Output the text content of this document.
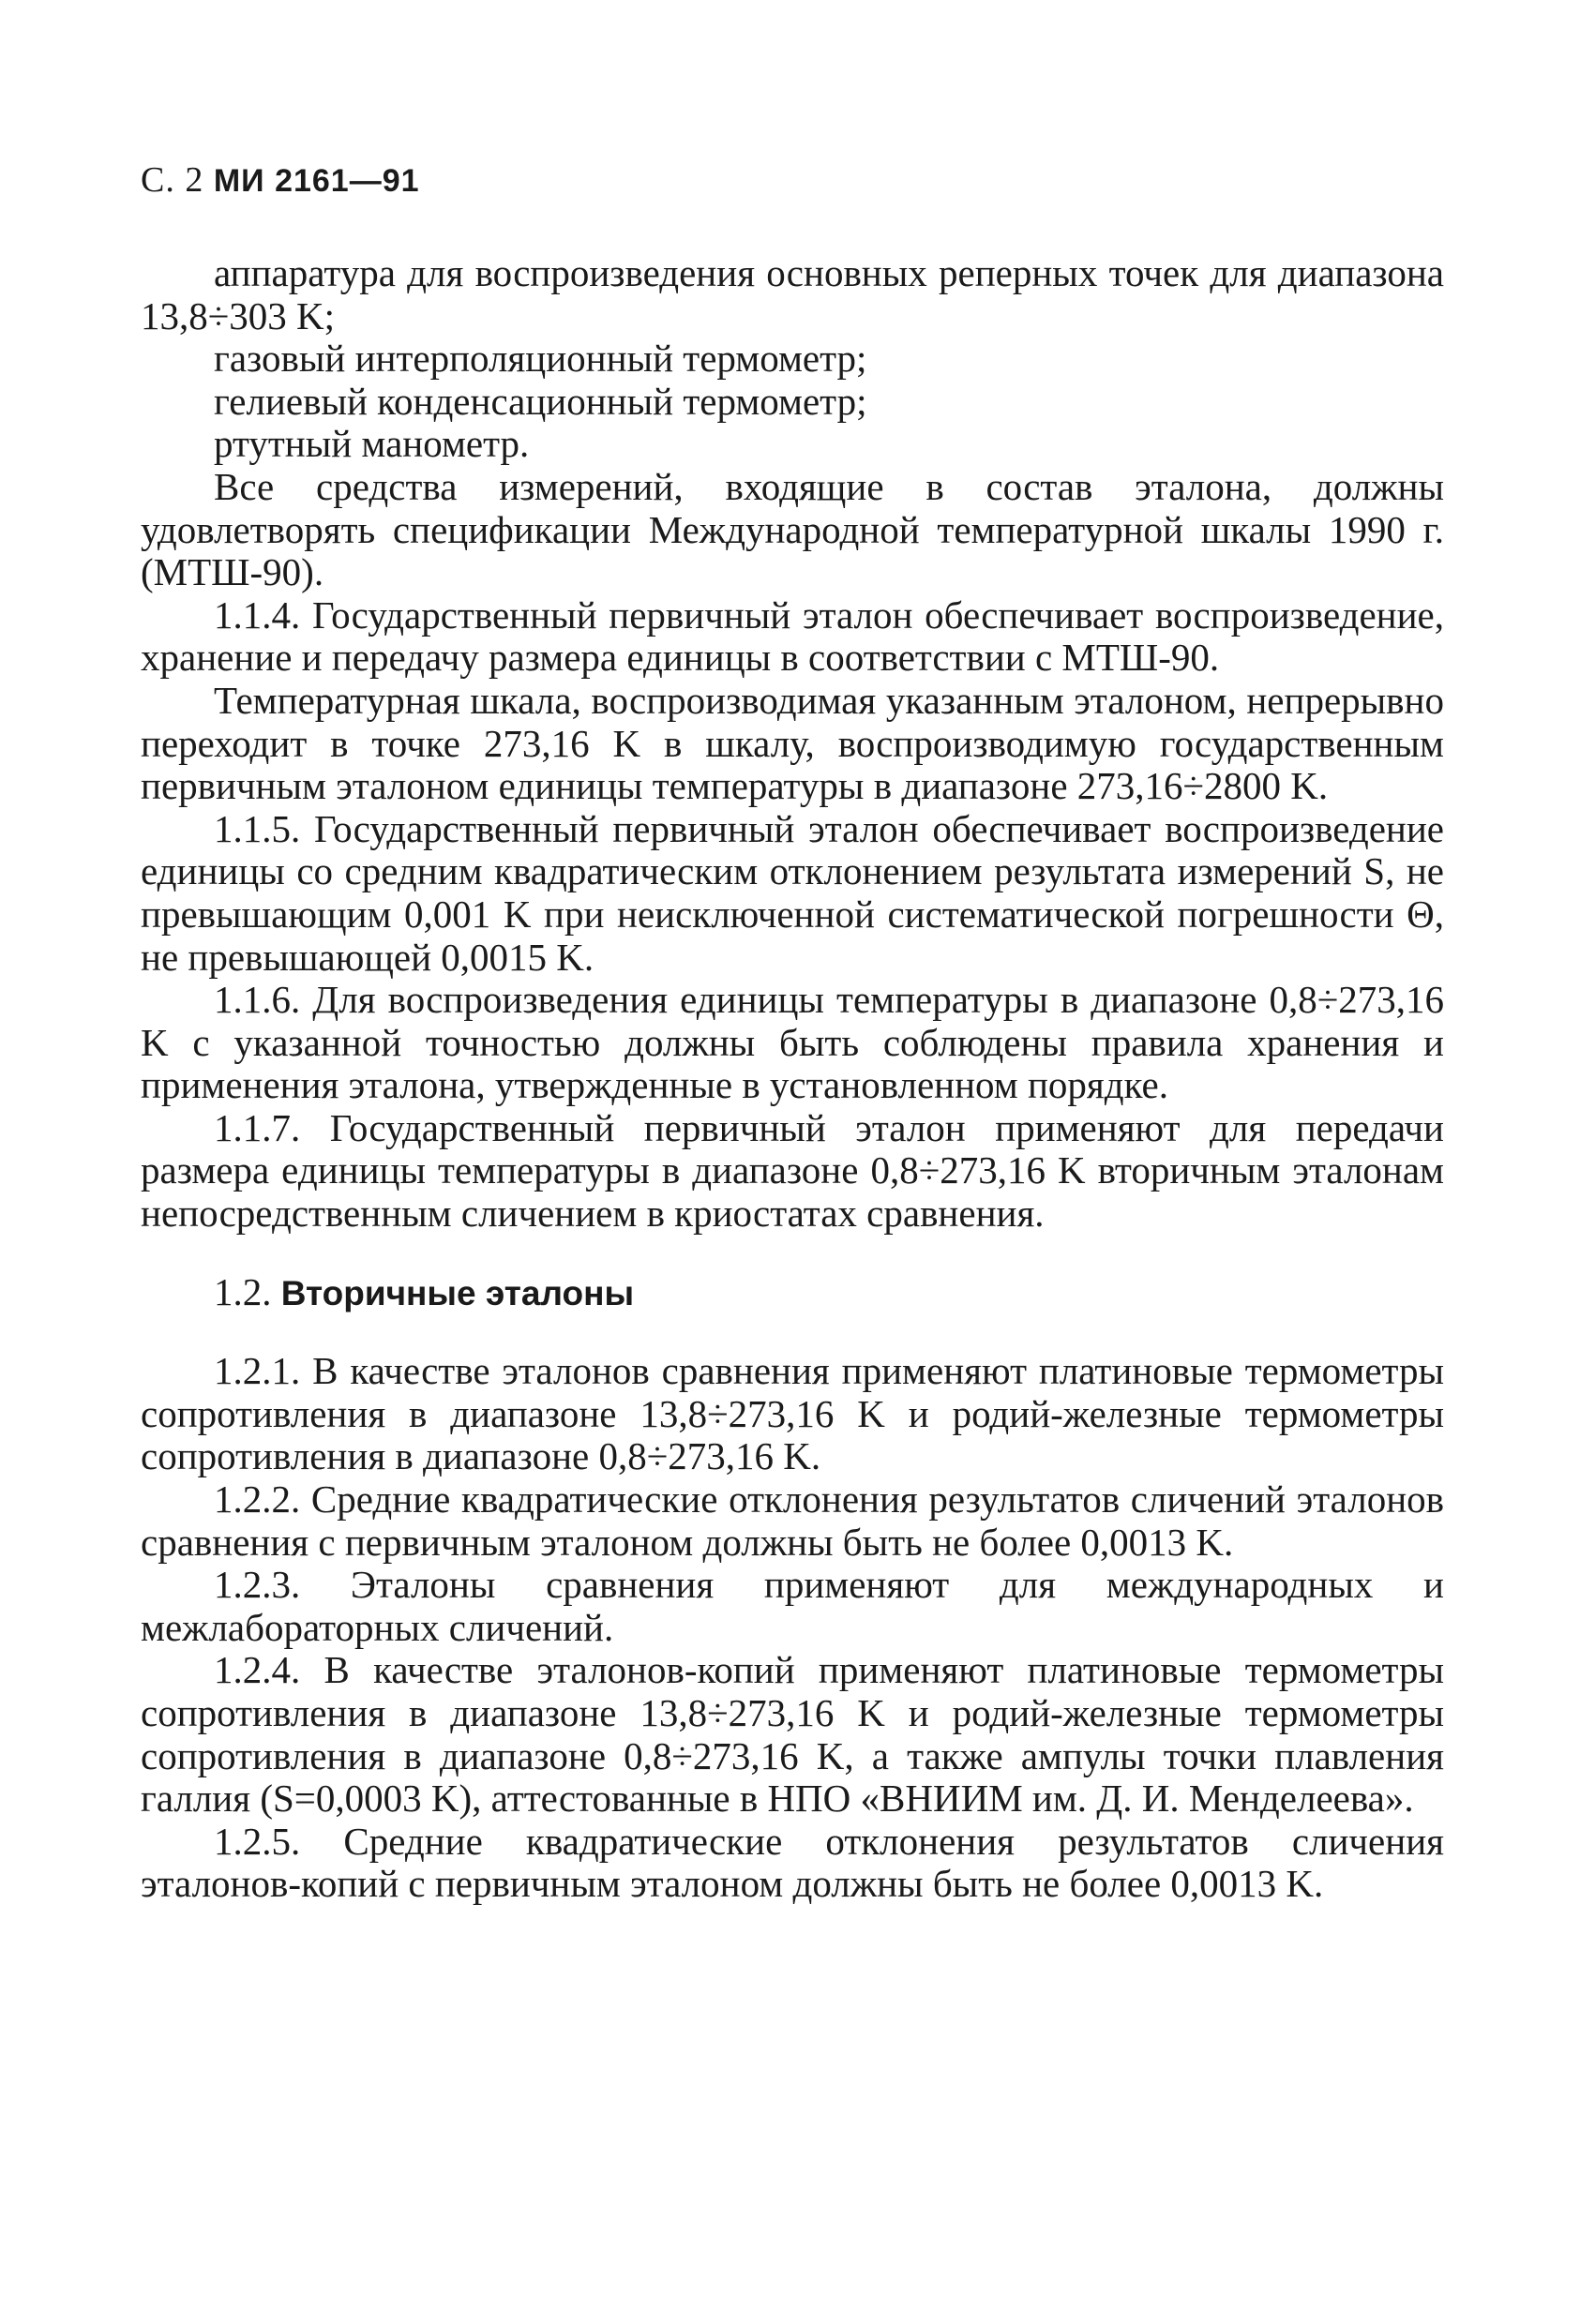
С. 2 МИ 2161—91

аппаратура для воспроизведения основных реперных точек для диапазона 13,8÷303 K;

газовый интерполяционный термометр;

гелиевый конденсационный термометр;

ртутный манометр.

Все средства измерений, входящие в состав эталона, должны удовлетворять спецификации Международной температурной шкалы 1990 г. (МТШ-90).

1.1.4. Государственный первичный эталон обеспечивает воспроизведение, хранение и передачу размера единицы в соответствии с МТШ-90.

Температурная шкала, воспроизводимая указанным эталоном, непрерывно переходит в точке 273,16 K в шкалу, воспроизводимую государственным первичным эталоном единицы температуры в диапазоне 273,16÷2800 K.

1.1.5. Государственный первичный эталон обеспечивает воспроизведение единицы со средним квадратическим отклонением результата измерений S, не превышающим 0,001 K при неисключенной систематической погрешности Θ, не превышающей 0,0015 K.

1.1.6. Для воспроизведения единицы температуры в диапазоне 0,8÷273,16 K с указанной точностью должны быть соблюдены правила хранения и применения эталона, утвержденные в установленном порядке.

1.1.7. Государственный первичный эталон применяют для передачи размера единицы температуры в диапазоне 0,8÷273,16 K вторичным эталонам непосредственным сличением в криостатах сравнения.

1.2. Вторичные эталоны

1.2.1. В качестве эталонов сравнения применяют платиновые термометры сопротивления в диапазоне 13,8÷273,16 K и родий-железные термометры сопротивления в диапазоне 0,8÷273,16 K.

1.2.2. Средние квадратические отклонения результатов сличений эталонов сравнения с первичным эталоном должны быть не более 0,0013 K.

1.2.3. Эталоны сравнения применяют для международных и межлабораторных сличений.

1.2.4. В качестве эталонов-копий применяют платиновые термометры сопротивления в диапазоне 13,8÷273,16 K и родий-железные термометры сопротивления в диапазоне 0,8÷273,16 K, а также ампулы точки плавления галлия (S=0,0003 K), аттестованные в НПО «ВНИИМ им. Д. И. Менделеева».

1.2.5. Средние квадратические отклонения результатов сличения эталонов-копий с первичным эталоном должны быть не более 0,0013 K.
